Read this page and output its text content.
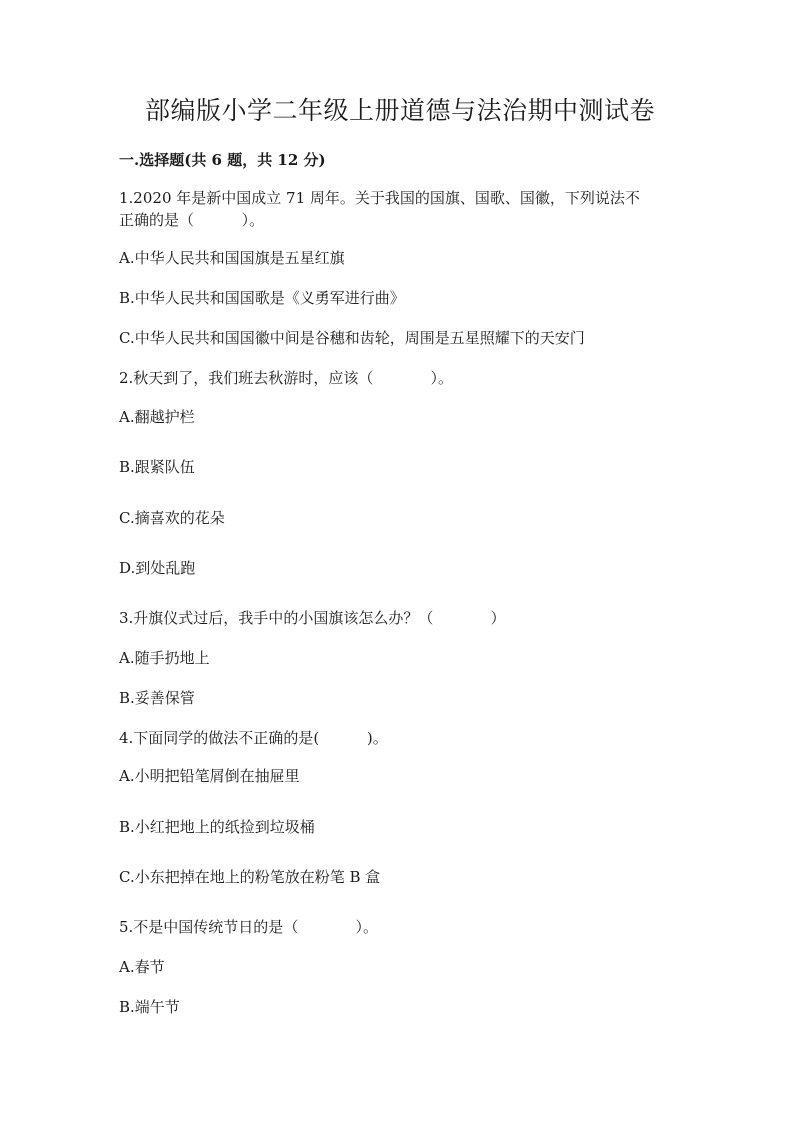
部编版小学二年级上册道德与法治期中测试卷
一.选择题(共 6 题，共 12 分)
1.2020 年是新中国成立 71 周年。关于我国的国旗、国歌、国徽，下列说法不
正确的是（          ）。
A.中华人民共和国国旗是五星红旗
B.中华人民共和国国歌是《义勇军进行曲》
C.中华人民共和国国徽中间是谷穗和齿轮，周围是五星照耀下的天安门
2.秋天到了，我们班去秋游时，应该（            ）。
A.翻越护栏
B.跟紧队伍
C.摘喜欢的花朵
D.到处乱跑
3.升旗仪式过后，我手中的小国旗该怎么办？（            ）
A.随手扔地上
B.妥善保管
4.下面同学的做法不正确的是(          )。
A.小明把铅笔屑倒在抽屉里
B.小红把地上的纸捡到垃圾桶
C.小东把掉在地上的粉笔放在粉笔 B 盒
5.不是中国传统节日的是（            ）。
A.春节
B.端午节
